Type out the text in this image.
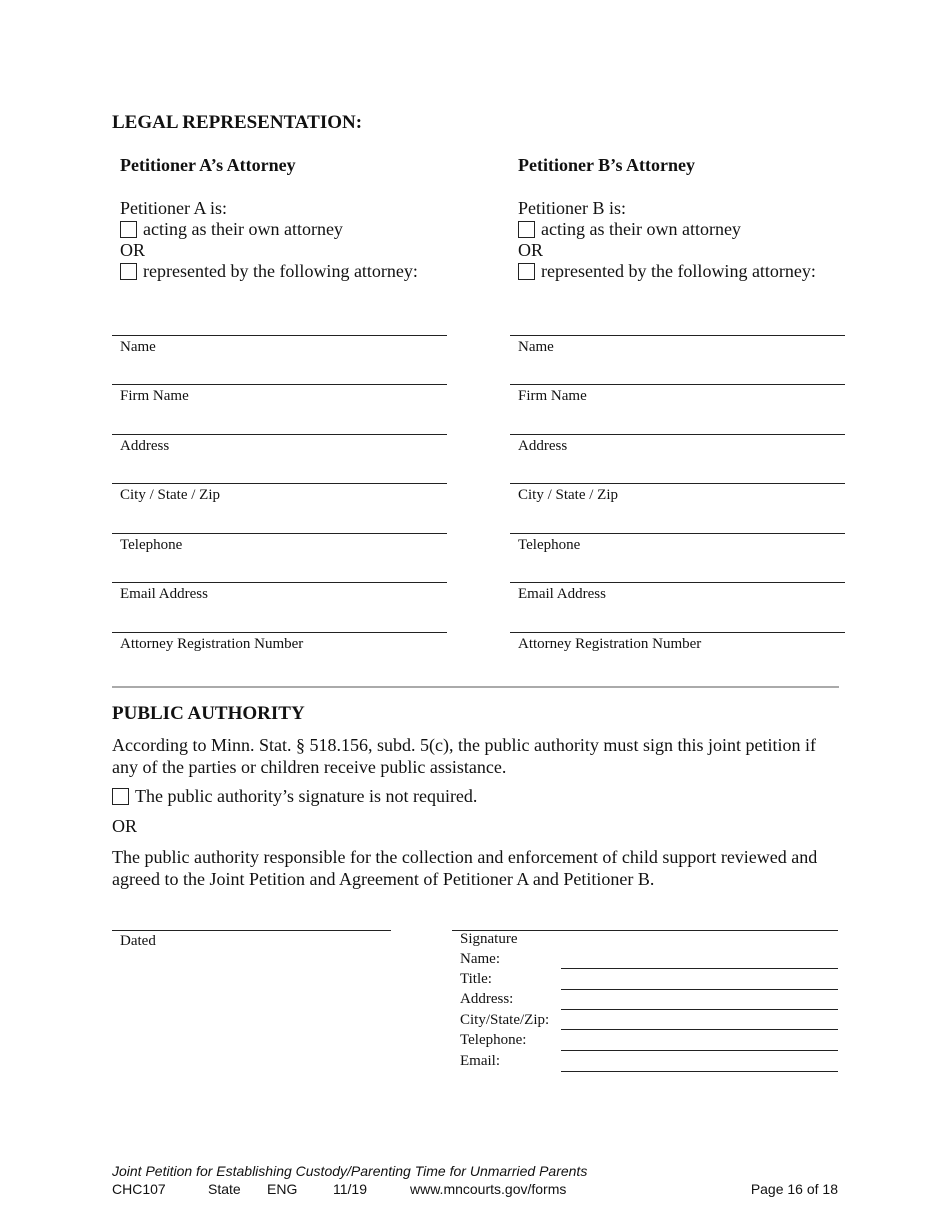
LEGAL REPRESENTATION:
Petitioner A’s Attorney
Petitioner A is:
acting as their own attorney
OR
represented by the following attorney:
Petitioner B’s Attorney
Petitioner B is:
acting as their own attorney
OR
represented by the following attorney:
Name
Firm Name
Address
City / State / Zip
Telephone
Email Address
Attorney Registration Number
Name
Firm Name
Address
City / State / Zip
Telephone
Email Address
Attorney Registration Number
PUBLIC AUTHORITY
According to Minn. Stat. § 518.156, subd. 5(c), the public authority must sign this joint petition if any of the parties or children receive public assistance.
The public authority’s signature is not required.
OR
The public authority responsible for the collection and enforcement of child support reviewed and agreed to the Joint Petition and Agreement of Petitioner A and Petitioner B.
Dated	Signature
Name:
Title:
Address:
City/State/Zip:
Telephone:
Email:
Joint Petition for Establishing Custody/Parenting Time for Unmarried Parents
CHC107	State ENG	11/19	www.mncourts.gov/forms	Page 16 of 18
